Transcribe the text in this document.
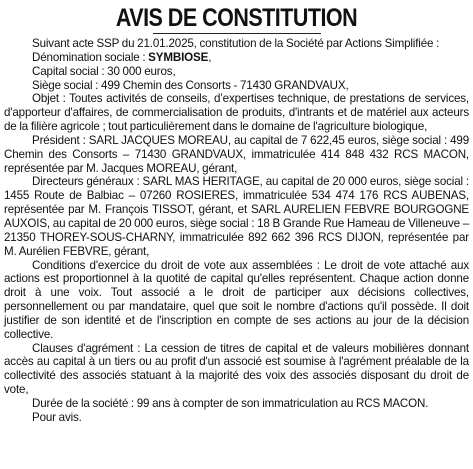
AVIS DE CONSTITUTION

Suivant acte SSP du 21.01.2025, constitution de la Société par Actions Simplifiée :

Dénomination sociale : SYMBIOSE,

Capital social : 30 000 euros,

Siège social : 499 Chemin des Consorts - 71430 GRANDVAUX,

Objet : Toutes activités de conseils, d’expertises technique, de prestations de services, d'apporteur d'affaires, de commercialisation de produits, d'intrants et de matériel aux acteurs de la filière agricole ; tout particulièrement dans le domaine de l'agriculture biologique,

Président : SARL JACQUES MOREAU, au capital de 7 622,45 euros, siège social : 499 Chemin des Consorts – 71430 GRANDVAUX, immatriculée 414 848 432 RCS MACON, représentée par M. Jacques MOREAU, gérant,

Directeurs généraux : SARL MAS HERITAGE, au capital de 20 000 euros, siège social : 1455 Route de Balbiac – 07260 ROSIERES, immatriculée 534 474 176 RCS AUBENAS, représentée par M. François TISSOT, gérant, et SARL AURELIEN FEBVRE BOURGOGNE AUXOIS, au capital de 20 000 euros, siège social : 18 B Grande Rue Hameau de Villeneuve – 21350 THOREY-SOUS-CHARNY, immatriculée 892 662 396 RCS DIJON, représentée par M. Aurélien FEBVRE, gérant,

Conditions d'exercice du droit de vote aux assemblées : Le droit de vote attaché aux actions est proportionnel à la quotité de capital qu'elles représentent. Chaque action donne droit à une voix. Tout associé a le droit de participer aux décisions collectives, personnellement ou par mandataire, quel que soit le nombre d'actions qu'il possède. Il doit justifier de son identité et de l'inscription en compte de ses actions au jour de la décision collective.

Clauses d'agrément : La cession de titres de capital et de valeurs mobilières donnant accès au capital à un tiers ou au profit d'un associé est soumise à l'agrément préalable de la collectivité des associés statuant à la majorité des voix des associés disposant du droit de vote,

Durée de la société : 99 ans à compter de son immatriculation au RCS MACON.

Pour avis.
